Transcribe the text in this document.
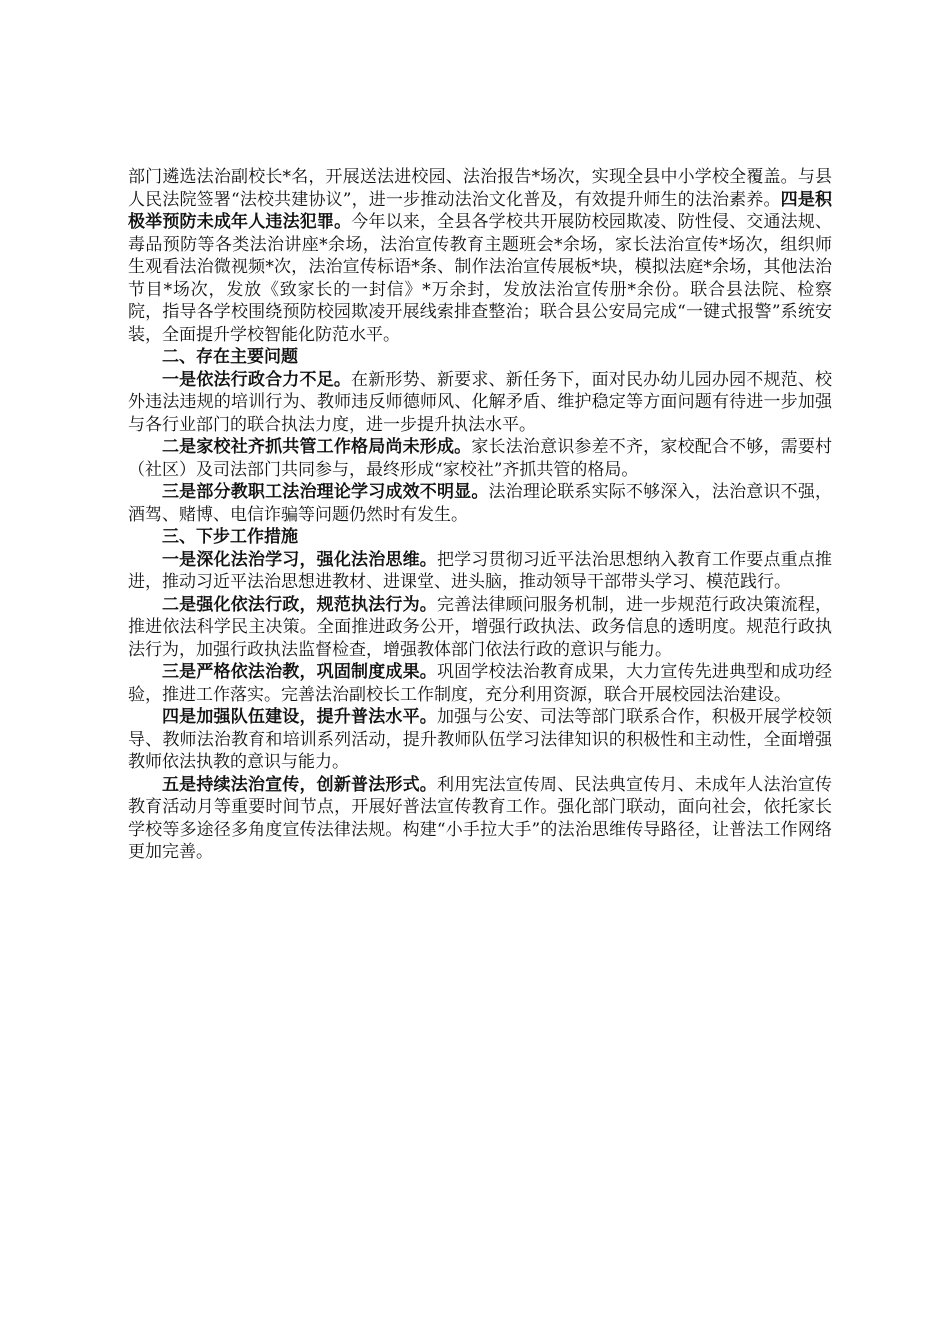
部门遴选法治副校长*名，开展送法进校园、法治报告*场次，实现全县中小学校全覆盖。与县人民法院签署“法校共建协议”，进一步推动法治文化普及，有效提升师生的法治素养。四是积极举预防未成年人违法犯罪。今年以来，全县各学校共开展防校园欺凌、防性侵、交通法规、毒品预防等各类法治讲座*余场，法治宣传教育主题班会*余场，家长法治宣传*场次，组织师生观看法治微视频*次，法治宣传标语*条、制作法治宣传展板*块，模拟法庭*余场，其他法治节目*场次，发放《致家长的一封信》*万余封，发放法治宣传册*余份。联合县法院、检察院，指导各学校围绕预防校园欺凌开展线索排查整治；联合县公安局完成“一键式报警”系统安装，全面提升学校智能化防范水平。

二、存在主要问题

一是依法行政合力不足。在新形势、新要求、新任务下，面对民办幼儿园办园不规范、校外违法违规的培训行为、教师违反师德师风、化解矛盾、维护稳定等方面问题有待进一步加强与各行业部门的联合执法力度，进一步提升执法水平。

二是家校社齐抓共管工作格局尚未形成。家长法治意识参差不齐，家校配合不够，需要村（社区）及司法部门共同参与，最终形成“家校社”齐抓共管的格局。

三是部分教职工法治理论学习成效不明显。法治理论联系实际不够深入，法治意识不强，酒驾、赌博、电信诈骗等问题仍然时有发生。

三、下步工作措施

一是深化法治学习，强化法治思维。把学习贯彻习近平法治思想纳入教育工作要点重点推进，推动习近平法治思想进教材、进课堂、进头脑，推动领导干部带头学习、模范践行。

二是强化依法行政，规范执法行为。完善法律顾问服务机制，进一步规范行政决策流程，推进依法科学民主决策。全面推进政务公开，增强行政执法、政务信息的透明度。规范行政执法行为，加强行政执法监督检查，增强教体部门依法行政的意识与能力。

三是严格依法治教，巩固制度成果。巩固学校法治教育成果，大力宣传先进典型和成功经验，推进工作落实。完善法治副校长工作制度，充分利用资源，联合开展校园法治建设。

四是加强队伍建设，提升普法水平。加强与公安、司法等部门联系合作，积极开展学校领导、教师法治教育和培训系列活动，提升教师队伍学习法律知识的积极性和主动性，全面增强教师依法执教的意识与能力。

五是持续法治宣传，创新普法形式。利用宪法宣传周、民法典宣传月、未成年人法治宣传教育活动月等重要时间节点，开展好普法宣传教育工作。强化部门联动，面向社会，依托家长学校等多途径多角度宣传法律法规。构建“小手拉大手”的法治思维传导路径，让普法工作网络更加完善。
